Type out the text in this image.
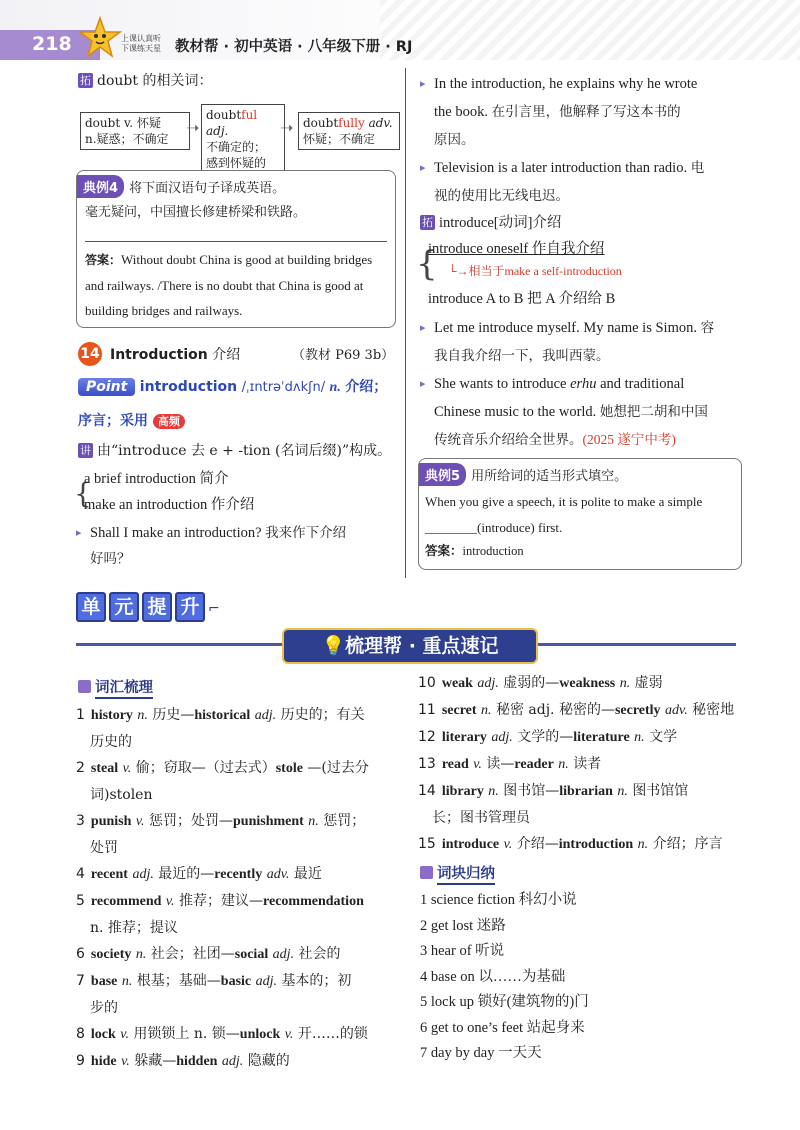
218	上课认真听
下课练天星 教材帮 · 初中英语 · 八年级下册 · RJ
拓 doubt 的相关词：
doubt v. 怀疑
n.疑惑；不确定
➝
doubtful adj.
不确定的；
感到怀疑的
➝ doubtfully adv.
怀疑；不确定
典例4 将下面汉语句子译成英语。
毫无疑问，中国擅长修建桥梁和铁路。
答案：Without doubt China is good at building bridges
and railways. /There is no doubt that China is good at
building bridges and railways.
14 Introduction 介绍	（教材 P69 3b）
Point introduction /ˌɪntrəˈdʌkʃn/ n. 介绍；
序言；采用 高频
讲 由“introduce 去 e + -tion (名词后缀)”构成。
{
a brief introduction 简介
make an introduction 作介绍
▸ Shall I make an introduction? 我来作下介绍
好吗？
▸ In the introduction, he explains why he wrote
the book. 在引言里，他解释了写这本书的
原因。
▸ Television is a later introduction than radio. 电
视的使用比无线电迟。
拓 introduce[动词]介绍
{
introduce oneself 作自我介绍
└→相当于make a self-introduction
introduce A to B 把 A 介绍给 B
▸ Let me introduce myself. My name is Simon. 容
我自我介绍一下，我叫西蒙。
▸ She wants to introduce erhu and traditional
Chinese music to the world. 她想把二胡和中国
传统音乐介绍给全世界。(2025 遂宁中考)
典例5 用所给词的适当形式填空。
When you give a speech, it is polite to make a simple
________(introduce) first.
答案：introduction
单 元 提 升 ⌐
💡梳理帮 · 重点速记
词汇梳理
1 history n. 历史—historical adj. 历史的；有关
历史的
2 steal v. 偷；窃取—（过去式）stole —(过去分
词)stolen
3 punish v. 惩罚；处罚—punishment n. 惩罚；
处罚
4 recent adj. 最近的—recently adv. 最近
5 recommend v. 推荐；建议—recommendation
n. 推荐；提议
6 society n. 社会；社团—social adj. 社会的
7 base n. 根基；基础—basic adj. 基本的；初
步的
8 lock v. 用锁锁上 n. 锁—unlock v. 开……的锁
9 hide v. 躲藏—hidden adj. 隐藏的
10 weak adj. 虚弱的—weakness n. 虚弱
11 secret n. 秘密 adj. 秘密的—secretly adv. 秘密地
12 literary adj. 文学的—literature n. 文学
13 read v. 读—reader n. 读者
14 library n. 图书馆—librarian n. 图书馆馆
长；图书管理员
15 introduce v. 介绍—introduction n. 介绍；序言
词块归纳
1 science fiction 科幻小说
2 get lost 迷路
3 hear of 听说
4 base on 以……为基础
5 lock up 锁好(建筑物的)门
6 get to one’s feet 站起身来
7 day by day 一天天
